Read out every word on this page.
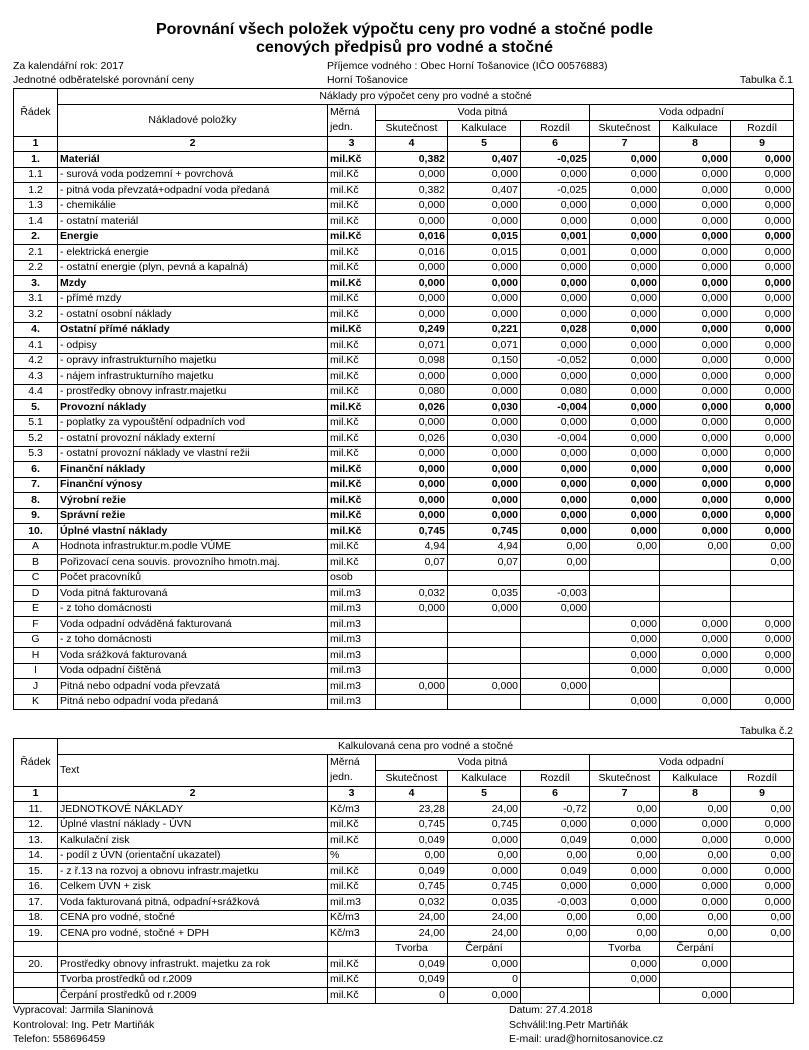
Porovnání všech položek výpočtu ceny pro vodné a stočné podle
cenových předpisů pro vodné a stočné
Za kalendářní rok: 2017	Příjemce vodného : Obec Horní Tošanovice (IČO 00576883)
Jednotné odběratelské porovnání ceny	Horní Tošanovice	Tabulka č.1
Řádek	Náklady pro výpočet ceny pro vodné a stočné							
	Nákladové položky	Měrná
jedn.	Voda pitná			Voda odpadní		
			Skutečnost	Kalkulace	Rozdíl	Skutečnost	Kalkulace	Rozdíl
1	2	3	4	5	6	7	8	9
1.	Materiál	mil.Kč	0,382	0,407	-0,025	0,000	0,000	0,000
1.1	- surová voda podzemní + povrchová	mil.Kč	0,000	0,000	0,000	0,000	0,000	0,000
1.2	- pitná voda převzatá+odpadní voda předaná	mil.Kč	0,382	0,407	-0,025	0,000	0,000	0,000
1.3	- chemikálie	mil.Kč	0,000	0,000	0,000	0,000	0,000	0,000
1.4	- ostatní materiál	mil.Kč	0,000	0,000	0,000	0,000	0,000	0,000
2.	Energie	mil.Kč	0,016	0,015	0,001	0,000	0,000	0,000
2.1	- elektrická energie	mil.Kč	0,016	0,015	0,001	0,000	0,000	0,000
2.2	- ostatní energie (plyn, pevná a kapalná)	mil.Kč	0,000	0,000	0,000	0,000	0,000	0,000
3.	Mzdy	mil.Kč	0,000	0,000	0,000	0,000	0,000	0,000
3.1	- přímé mzdy	mil.Kč	0,000	0,000	0,000	0,000	0,000	0,000
3.2	- ostatní osobní náklady	mil.Kč	0,000	0,000	0,000	0,000	0,000	0,000
4.	Ostatní přímé náklady	mil.Kč	0,249	0,221	0,028	0,000	0,000	0,000
4.1	- odpisy	mil.Kč	0,071	0,071	0,000	0,000	0,000	0,000
4.2	- opravy infrastrukturního majetku	mil.Kč	0,098	0,150	-0,052	0,000	0,000	0,000
4.3	- nájem infrastrukturního majetku	mil.Kč	0,000	0,000	0,000	0,000	0,000	0,000
4.4	- prostředky obnovy infrastr.majetku	mil.Kč	0,080	0,000	0,080	0,000	0,000	0,000
5.	Provozní náklady	mil.Kč	0,026	0,030	-0,004	0,000	0,000	0,000
5.1	- poplatky za vypouštění odpadních vod	mil.Kč	0,000	0,000	0,000	0,000	0,000	0,000
5.2	- ostatní provozní náklady externí	mil.Kč	0,026	0,030	-0,004	0,000	0,000	0,000
5.3	- ostatní provozní náklady ve vlastní režii	mil.Kč	0,000	0,000	0,000	0,000	0,000	0,000
6.	Finanční náklady	mil.Kč	0,000	0,000	0,000	0,000	0,000	0,000
7.	Finanční výnosy	mil.Kč	0,000	0,000	0,000	0,000	0,000	0,000
8.	Výrobní režie	mil.Kč	0,000	0,000	0,000	0,000	0,000	0,000
9.	Správní režie	mil.Kč	0,000	0,000	0,000	0,000	0,000	0,000
10.	Úplné vlastní náklady	mil.Kč	0,745	0,745	0,000	0,000	0,000	0,000
A	Hodnota infrastruktur.m.podle VÚME	mil.Kč	4,94	4,94	0,00	0,00	0,00	0,00
B	Pořizovací cena souvis. provozního hmotn.maj.	mil.Kč	0,07	0,07	0,00			0,00
C	Počet pracovníků	osob						
D	Voda pitná fakturovaná	mil.m3	0,032	0,035	-0,003			
E	- z toho domácnosti	mil.m3	0,000	0,000	0,000			
F	Voda odpadní odváděná fakturovaná	mil.m3				0,000	0,000	0,000
G	- z toho domácnosti	mil.m3				0,000	0,000	0,000
H	Voda srážková fakturovaná	mil.m3				0,000	0,000	0,000
I	Voda odpadní čištěná	mil.m3				0,000	0,000	0,000
J	Pitná nebo odpadní voda převzatá	mil.m3	0,000	0,000	0,000			
K	Pitná nebo odpadní voda předaná	mil.m3				0,000	0,000	0,000
Tabulka č.2
Řádek	Kalkulovaná cena pro vodné a stočné							
	Text	Měrná
jedn.	Voda pitná			Voda odpadní		
			Skutečnost	Kalkulace	Rozdíl	Skutečnost	Kalkulace	Rozdíl
1	2	3	4	5	6	7	8	9
11.	JEDNOTKOVÉ NÁKLADY	Kč/m3	23,28	24,00	-0,72	0,00	0,00	0,00
12.	Úplné vlastní náklady - ÚVN	mil.Kč	0,745	0,745	0,000	0,000	0,000	0,000
13.	Kalkulační zisk	mil.Kč	0,049	0,000	0,049	0,000	0,000	0,000
14.	- podíl z ÚVN (orientační ukazatel)	%	0,00	0,00	0,00	0,00	0,00	0,00
15.	- z ř.13 na rozvoj a obnovu infrastr.majetku	mil.Kč	0,049	0,000	0,049	0,000	0,000	0,000
16.	Celkem ÚVN + zisk	mil.Kč	0,745	0,745	0,000	0,000	0,000	0,000
17.	Voda fakturovaná pitná, odpadní+srážková	mil.m3	0,032	0,035	-0,003	0,000	0,000	0,000
18.	CENA pro vodné, stočné	Kč/m3	24,00	24,00	0,00	0,00	0,00	0,00
19.	CENA pro vodné, stočné + DPH	Kč/m3	24,00	24,00	0,00	0,00	0,00	0,00
			Tvorba	Čerpání		Tvorba	Čerpání	
20.	Prostředky obnovy infrastrukt. majetku za rok	mil.Kč	0,049	0,000		0,000	0,000	
	Tvorba prostředků od r.2009	mil.Kč	0,049	0		0,000		
	Čerpání prostředků od r.2009	mil.Kč	0	0,000			0,000	
Vypracoval: Jarmila Slaninová
Kontroloval: Ing. Petr Martiňák
Telefon: 558696459
Datum: 27.4.2018
Schválil:Ing.Petr Martiňák
E-mail: urad@hornitosanovice.cz
